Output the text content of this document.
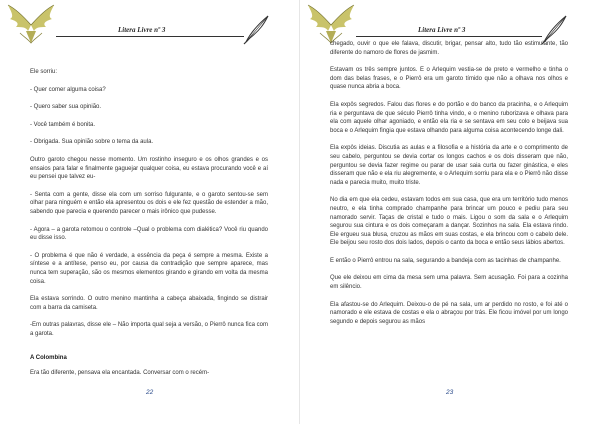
Litera Livre nº 3

Ele sorriu:

- Quer comer alguma coisa?

- Quero saber sua opinião.

- Você também é bonita.

- Obrigada. Sua opinião sobre o tema da aula.

Outro garoto chegou nesse momento. Um rostinho inseguro e os olhos grandes e os ensaios para falar e finalmente gaguejar qualquer coisa, eu estava procurando você e aí eu pensei que talvez eu-

- Senta com a gente, disse ela com um sorriso fulgurante, e o garoto sentou-se sem olhar para ninguém e então ela apresentou os dois e ele fez questão de estender a mão, sabendo que parecia e querendo parecer o mais irônico que pudesse.

- Agora – a garota retomou o controle –Qual o problema com dialética? Você riu quando eu disse isso.

- O problema é que não é verdade, a essência da peça é sempre a mesma. Existe a síntese e a antítese, penso eu, por causa da contradição que sempre aparece, mas nunca tem superação, são os mesmos elementos girando e girando em volta da mesma coisa.

Ela estava sorrindo. O outro menino mantinha a cabeça abaixada, fingindo se distrair com a barra da camiseta.

-Em outras palavras, disse ele – Não importa qual seja a versão, o Pierrô nunca fica com a garota.

A Colombina

Era tão diferente, pensava ela encantada. Conversar com o recém-

22
Litera Livre nº 3

chegado, ouvir o que ele falava, discutir, brigar, pensar alto, tudo tão estimulante, tão diferente do namoro de flores de jasmim.

Estavam os três sempre juntos. E o Arlequim vestia-se de preto e vermelho e tinha o dom das belas frases, e o Pierrô era um garoto tímido que não a olhava nos olhos e quase nunca abria a boca.

Ela expôs segredos. Falou das flores e do portão e do banco da pracinha, e o Arlequim ria e perguntava de que século Pierrô tinha vindo, e o menino ruborizava e olhava para ela com aquele olhar agoniado, e então ela ria e se sentava em seu colo e beijava sua boca e o Arlequim fingia que estava olhando para alguma coisa acontecendo longe dali.

Ela expôs ideias. Discutia as aulas e a filosofia e a história da arte e o comprimento de seu cabelo, perguntou se devia cortar os longos cachos e os dois disseram que não, perguntou se devia fazer regime ou parar de usar saia curta ou fazer ginástica, e eles disseram que não e ela riu alegremente, e o Arlequim sorriu para ela e o Pierrô não disse nada e parecia muito, muito triste.

No dia em que ela cedeu, estavam todos em sua casa, que era um território tudo menos neutro, e ela tinha comprado champanhe para brincar um pouco e pediu para seu namorado servir. Taças de cristal e tudo o mais. Ligou o som da sala e o Arlequim segurou sua cintura e os dois começaram a dançar. Sozinhos na sala. Ela estava rindo. Ele ergueu sua blusa, cruzou as mãos em suas costas, e ela brincou com o cabelo dele. Ele beijou seu rosto dos dois lados, depois o canto da boca e então seus lábios abertos.

E então o Pierrô entrou na sala, segurando a bandeja com as tacinhas de champanhe.

Que ele deixou em cima da mesa sem uma palavra. Sem acusação. Foi para a cozinha em silêncio.

Ela afastou-se do Arlequim. Deixou-o de pé na sala, um ar perdido no rosto, e foi até o namorado e ele estava de costas e ela o abraçou por trás. Ele ficou imóvel por um longo segundo e depois segurou as mãos

23
